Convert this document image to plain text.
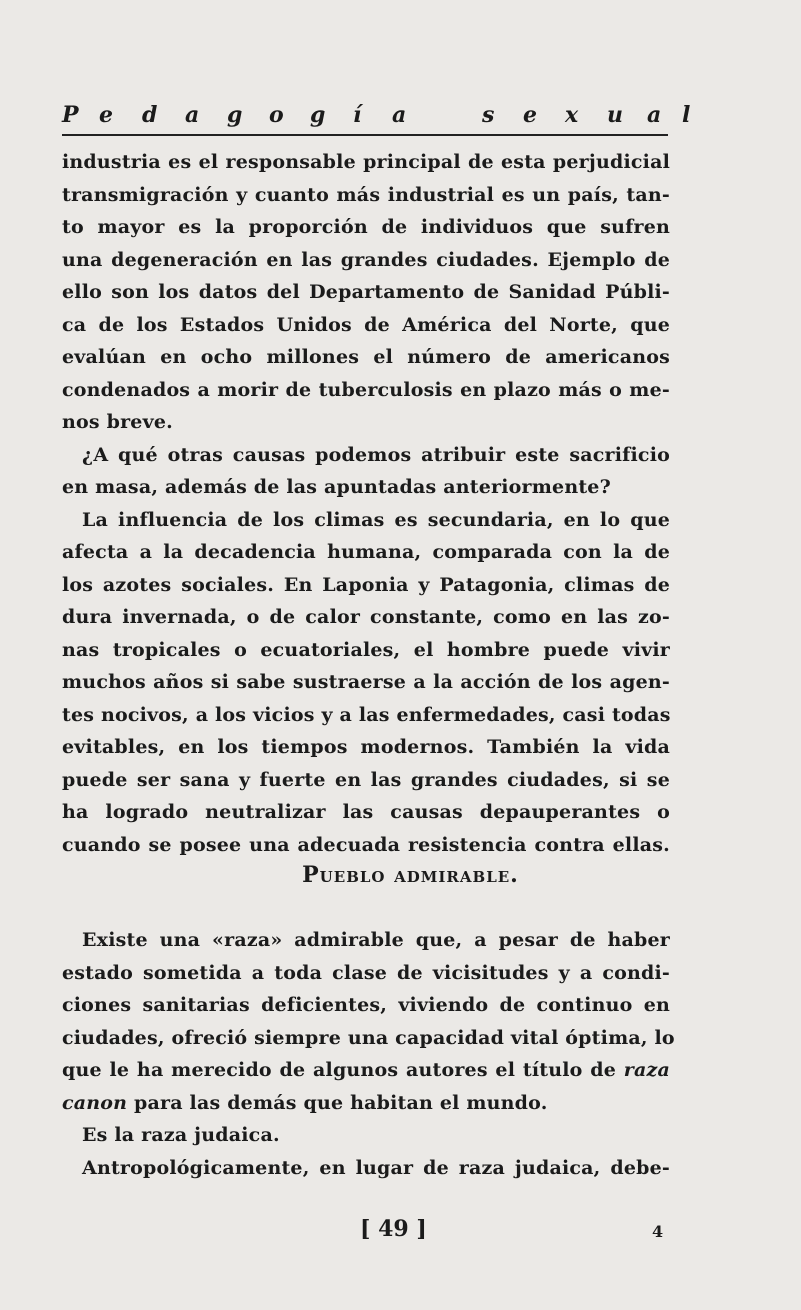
P e d a g o g í a	s e x u a l
industria es el responsable principal de esta perjudicial
transmigración y cuanto más industrial es un país, tan-
to mayor es la proporción de individuos que sufren
una degeneración en las grandes ciudades. Ejemplo de
ello son los datos del Departamento de Sanidad Públi-
ca de los Estados Unidos de América del Norte, que
evalúan en ocho millones el número de americanos
condenados a morir de tuberculosis en plazo más o me-
nos breve.
¿A qué otras causas podemos atribuir este sacrificio
en masa, además de las apuntadas anteriormente?
La influencia de los climas es secundaria, en lo que
afecta a la decadencia humana, comparada con la de
los azotes sociales. En Laponia y Patagonia, climas de
dura invernada, o de calor constante, como en las zo-
nas tropicales o ecuatoriales, el hombre puede vivir
muchos años si sabe sustraerse a la acción de los agen-
tes nocivos, a los vicios y a las enfermedades, casi todas
evitables, en los tiempos modernos. También la vida
puede ser sana y fuerte en las grandes ciudades, si se
ha logrado neutralizar las causas depauperantes o
cuando se posee una adecuada resistencia contra ellas.
Pueblo admirable.
Existe una «raza» admirable que, a pesar de haber
estado sometida a toda clase de vicisitudes y a condi-
ciones sanitarias deficientes, viviendo de continuo en
ciudades, ofreció siempre una capacidad vital óptima, lo
que le ha merecido de algunos autores el título de raza
canon para las demás que habitan el mundo.
Es la raza judaica.
Antropológicamente, en lugar de raza judaica, debe-
[ 49 ]	4
